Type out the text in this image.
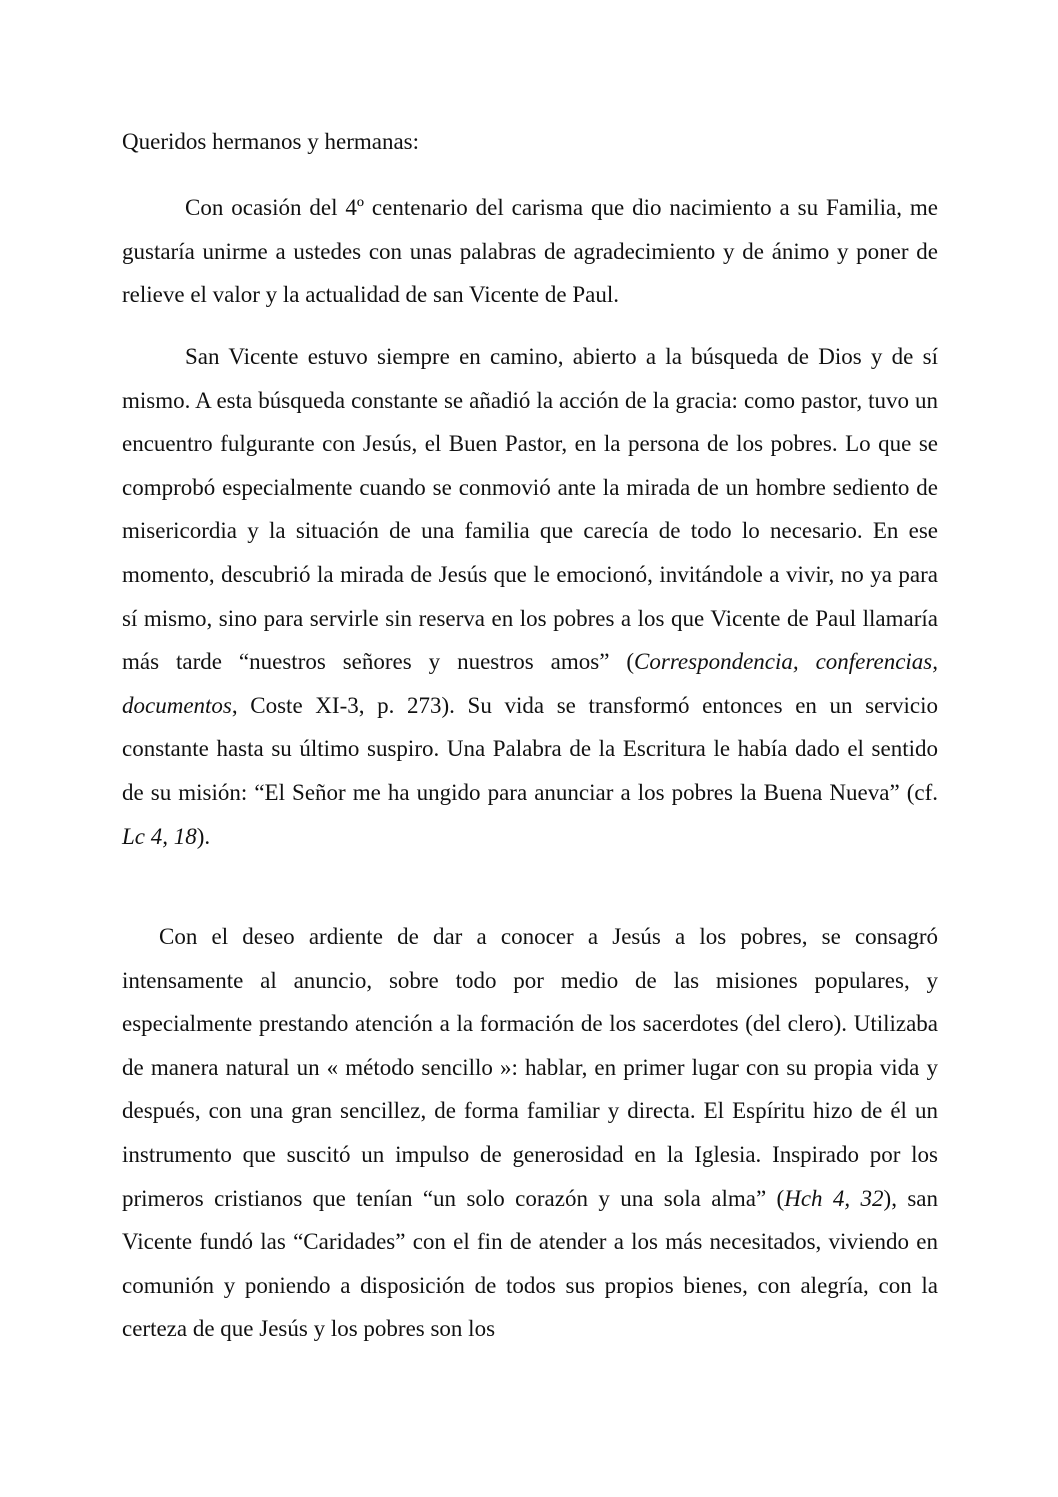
Queridos hermanos y hermanas:

Con ocasión del 4º centenario del carisma que dio nacimiento a su Familia, me gustaría unirme a ustedes con unas palabras de agradecimiento y de ánimo y poner de relieve el valor y la actualidad de san Vicente de Paul.

San Vicente estuvo siempre en camino, abierto a la búsqueda de Dios y de sí mismo. A esta búsqueda constante se añadió la acción de la gracia: como pastor, tuvo un encuentro fulgurante con Jesús, el Buen Pastor, en la persona de los pobres. Lo que se comprobó especialmente cuando se conmovió ante la mirada de un hombre sediento de misericordia y la situación de una familia que carecía de todo lo necesario. En ese momento, descubrió la mirada de Jesús que le emocionó, invitándole a vivir, no ya para sí mismo, sino para servirle sin reserva en los pobres a los que Vicente de Paul llamaría más tarde “nuestros señores y nuestros amos” (Correspondencia, conferencias, documentos, Coste XI-3, p. 273). Su vida se transformó entonces en un servicio constante hasta su último suspiro. Una Palabra de la Escritura le había dado el sentido de su misión: “El Señor me ha ungido para anunciar a los pobres la Buena Nueva” (cf. Lc 4, 18).

Con el deseo ardiente de dar a conocer a Jesús a los pobres, se consagró intensamente al anuncio, sobre todo por medio de las misiones populares, y especialmente prestando atención a la formación de los sacerdotes (del clero). Utilizaba de manera natural un « método sencillo »: hablar, en primer lugar con su propia vida y después, con una gran sencillez, de forma familiar y directa. El Espíritu hizo de él un instrumento que suscitó un impulso de generosidad en la Iglesia. Inspirado por los primeros cristianos que tenían “un solo corazón y una sola alma” (Hch 4, 32), san Vicente fundó las “Caridades” con el fin de atender a los más necesitados, viviendo en comunión y poniendo a disposición de todos sus propios bienes, con alegría, con la certeza de que Jesús y los pobres son los
